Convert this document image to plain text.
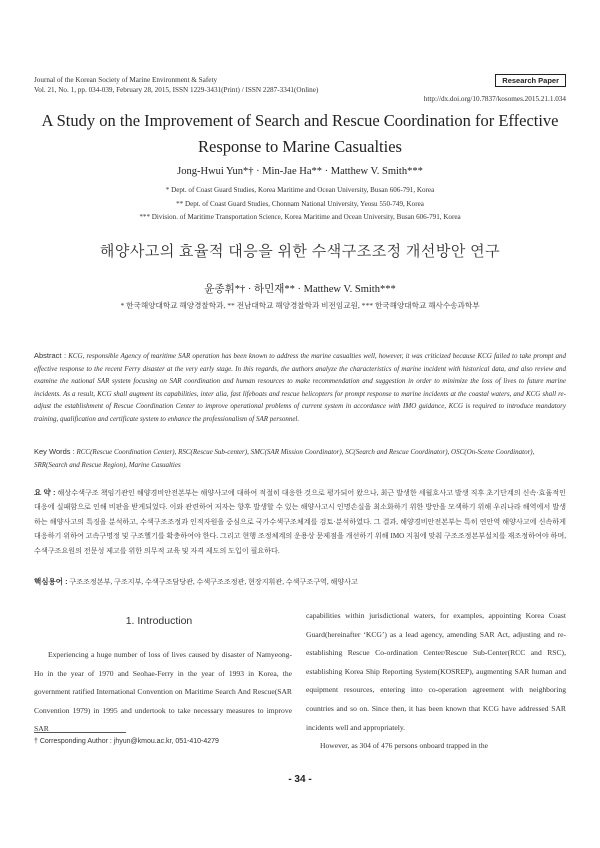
Journal of the Korean Society of Marine Environment & Safety
Vol. 21, No. 1, pp. 034-039, February 28, 2015, ISSN 1229-3431(Print) / ISSN 2287-3341(Online)
Research Paper
http://dx.doi.org/10.7837/kosomes.2015.21.1.034
A Study on the Improvement of Search and Rescue Coordination for Effective
Response to Marine Casualties
Jong-Hwui Yun*† · Min-Jae Ha** · Matthew V. Smith***
* Dept. of Coast Guard Studies, Korea Maritime and Ocean University, Busan 606-791, Korea
** Dept. of Coast Guard Studies, Chonnam National University, Yeosu 550-749, Korea
*** Division. of Maritime Transportation Science, Korea Maritime and Ocean University, Busan 606-791, Korea
해양사고의 효율적 대응을 위한 수색구조조정 개선방안 연구
윤종휘*† · 하민재** · Matthew V. Smith***
* 한국해양대학교 해양경찰학과, ** 전남대학교 해양경찰학과 비전임교원, *** 한국해양대학교 해사수송과학부
Abstract : KCG, responsible Agency of maritime SAR operation has been known to address the marine casualties well, however, it was criticized because KCG failed to take prompt and effective response to the recent Ferry disaster at the very early stage. In this regards, the authors analyze the characteristics of marine incident with historical data, and also review and examine the national SAR system focusing on SAR coordination and human resources to make recommendation and suggestion in order to minimize the loss of lives to future marine incidents. As a result, KCG shall augment its capabilities, inter alia, fast lifeboats and rescue helicopters for prompt response to marine incidents at the coastal waters, and KCG shall re-adjust the establishment of Rescue Coordination Center to improve operational problems of current system in accordance with IMO guidance, KCG is required to introduce mandatory training, qualification and certificate system to enhance the professionalism of SAR personnel.
Key Words : RCC(Rescue Coordination Center), RSC(Rescue Sub-center), SMC(SAR Mission Coordinator), SC(Search and Rescue Coordinator), OSC(On-Scene Coordinator), SRR(Search and Rescue Region), Marine Casualties
요 약 : 해상수색구조 책임기관인 해양경비안전본부는 해양사고에 대하여 적절히 대응한 것으로 평가되어 왔으나, 최근 발생한 세월호사고 발생 직후 초기단계의 신속·효율적인 대응에 실패함으로 인해 비판을 받게되었다. 이와 관련하여 저자는 향후 발생할 수 있는 해양사고시 인명손실을 최소화하기 위한 방안을 모색하기 위해 우리나라 해역에서 발생하는 해양사고의 특징을 분석하고, 수색구조조정과 인적자원을 중심으로 국가수색구조체계를 검토·분석하였다. 그 결과, 해양경비안전본부는 특히 연안역 해양사고에 신속하게 대응하기 위하여 고속구명정 및 구조헬기를 확충하여야 한다. 그리고 현행 조정체계의 운용상 문제점을 개선하기 위해 IMO 지침에 맞춰 구조조정본부설치를 재조정하여야 하며, 수색구조요원의 전문성 제고를 위한 의무적 교육 및 자격 제도의 도입이 필요하다.
핵심용어 : 구조조정본부, 구조지부, 수색구조담당관, 수색구조조정관, 현장지휘관, 수색구조구역, 해양사고
1. Introduction

Experiencing a huge number of loss of lives caused by disaster of Namyeong-Ho in the year of 1970 and Seohae-Ferry in the year of 1993 in Korea, the government ratified International Convention on Maritime Search And Rescue(SAR Convention 1979) in 1995 and undertook to take necessary measures to improve SAR

capabilities within jurisdictional waters, for examples, appointing Korea Coast Guard(hereinafter ‘KCG’) as a lead agency, amending SAR Act, adjusting and re-establishing Rescue Co-ordination Center/Rescue Sub-Center(RCC and RSC), establishing Korea Ship Reporting System(KOSREP), augmenting SAR human and equipment resources, entering into co-operation agreement with neighboring countries and so on. Since then, it has been known that KCG have addressed SAR incidents well and appropriately.

However, as 304 of 476 persons onboard trapped in the

† Corresponding Author : jhyun@kmou.ac.kr, 051-410-4279
- 34 -
